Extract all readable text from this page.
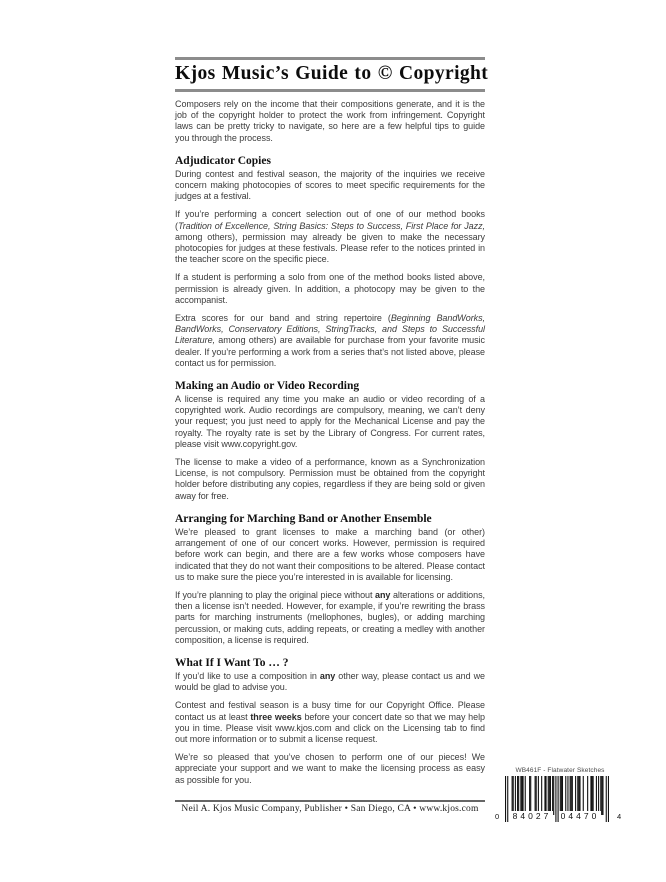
Kjos Music’s Guide to © Copyright

Composers rely on the income that their compositions generate, and it is the job of the copyright holder to protect the work from infringement. Copyright laws can be pretty tricky to navigate, so here are a few helpful tips to guide you through the process.

Adjudicator Copies

During contest and festival season, the majority of the inquiries we receive concern making photocopies of scores to meet specific requirements for the judges at a festival.

If you’re performing a concert selection out of one of our method books (Tradition of Excellence, String Basics: Steps to Success, First Place for Jazz, among others), permission may already be given to make the necessary photocopies for judges at these festivals. Please refer to the notices printed in the teacher score on the specific piece.

If a student is performing a solo from one of the method books listed above, permission is already given. In addition, a photocopy may be given to the accompanist.

Extra scores for our band and string repertoire (Beginning BandWorks, BandWorks, Conservatory Editions, StringTracks, and Steps to Successful Literature, among others) are available for purchase from your favorite music dealer. If you’re performing a work from a series that’s not listed above, please contact us for permission.

Making an Audio or Video Recording

A license is required any time you make an audio or video recording of a copyrighted work. Audio recordings are compulsory, meaning, we can’t deny your request; you just need to apply for the Mechanical License and pay the royalty. The royalty rate is set by the Library of Congress. For current rates, please visit www.copyright.gov.

The license to make a video of a performance, known as a Synchronization License, is not compulsory. Permission must be obtained from the copyright holder before distributing any copies, regardless if they are being sold or given away for free.

Arranging for Marching Band or Another Ensemble

We’re pleased to grant licenses to make a marching band (or other) arrangement of one of our concert works. However, permission is required before work can begin, and there are a few works whose composers have indicated that they do not want their compositions to be altered. Please contact us to make sure the piece you’re interested in is available for licensing.

If you’re planning to play the original piece without any alterations or additions, then a license isn’t needed. However, for example, if you’re rewriting the brass parts for marching instruments (mellophones, bugles), or adding marching percussion, or making cuts, adding repeats, or creating a medley with another composition, a license is required.

What If I Want To … ?

If you’d like to use a composition in any other way, please contact us and we would be glad to advise you.

Contest and festival season is a busy time for our Copyright Office. Please contact us at least three weeks before your concert date so that we may help you in time. Please visit www.kjos.com and click on the Licensing tab to find out more information or to submit a license request.

We’re so pleased that you’ve chosen to perform one of our pieces! We appreciate your support and we want to make the licensing process as easy as possible for you.

Neil A. Kjos Music Company, Publisher • San Diego, CA • www.kjos.com
WB461F - Flatwater Sketches
0 84027 04470 4
